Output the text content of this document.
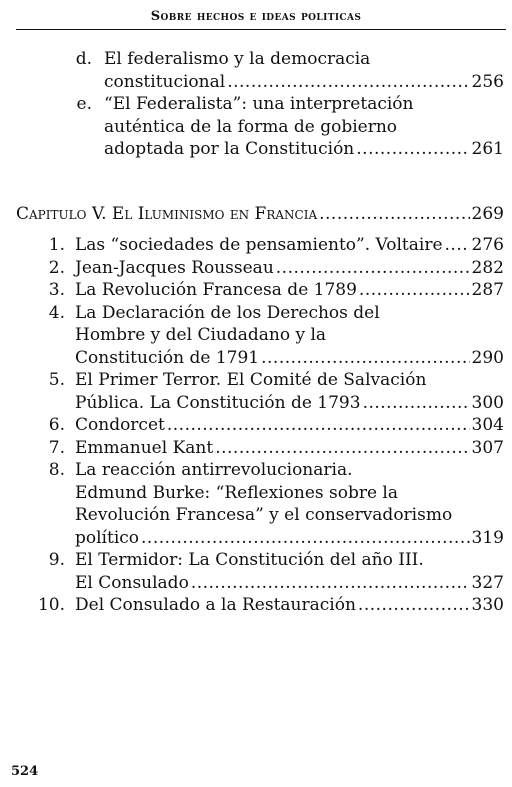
Sobre hechos e ideas politicas
d. El federalismo y la democracia
constitucional .....	256
e. “El Federalista”: una interpretación
auténtica de la forma de gobierno
adoptada por la Constitución .....	261
Capitulo V. El Iluminismo en Francia .....	269
1. Las “sociedades de pensamiento”. Voltaire ..... 276
2. Jean-Jacques Rousseau .....	282
3. La Revolución Francesa de 1789 .....	287
4. La Declaración de los Derechos del
Hombre y del Ciudadano y la
Constitución de 1791 .....	290
5. El Primer Terror. El Comité de Salvación
Pública. La Constitución de 1793 .....	300
6. Condorcet .....	304
7. Emmanuel Kant .....	307
8. La reacción antirrevolucionaria.
Edmund Burke: “Reflexiones sobre la
Revolución Francesa” y el conservadorismo
político .....	319
9. El Termidor: La Constitución del año III.
El Consulado .....	327
10. Del Consulado a la Restauración .....	330
524
